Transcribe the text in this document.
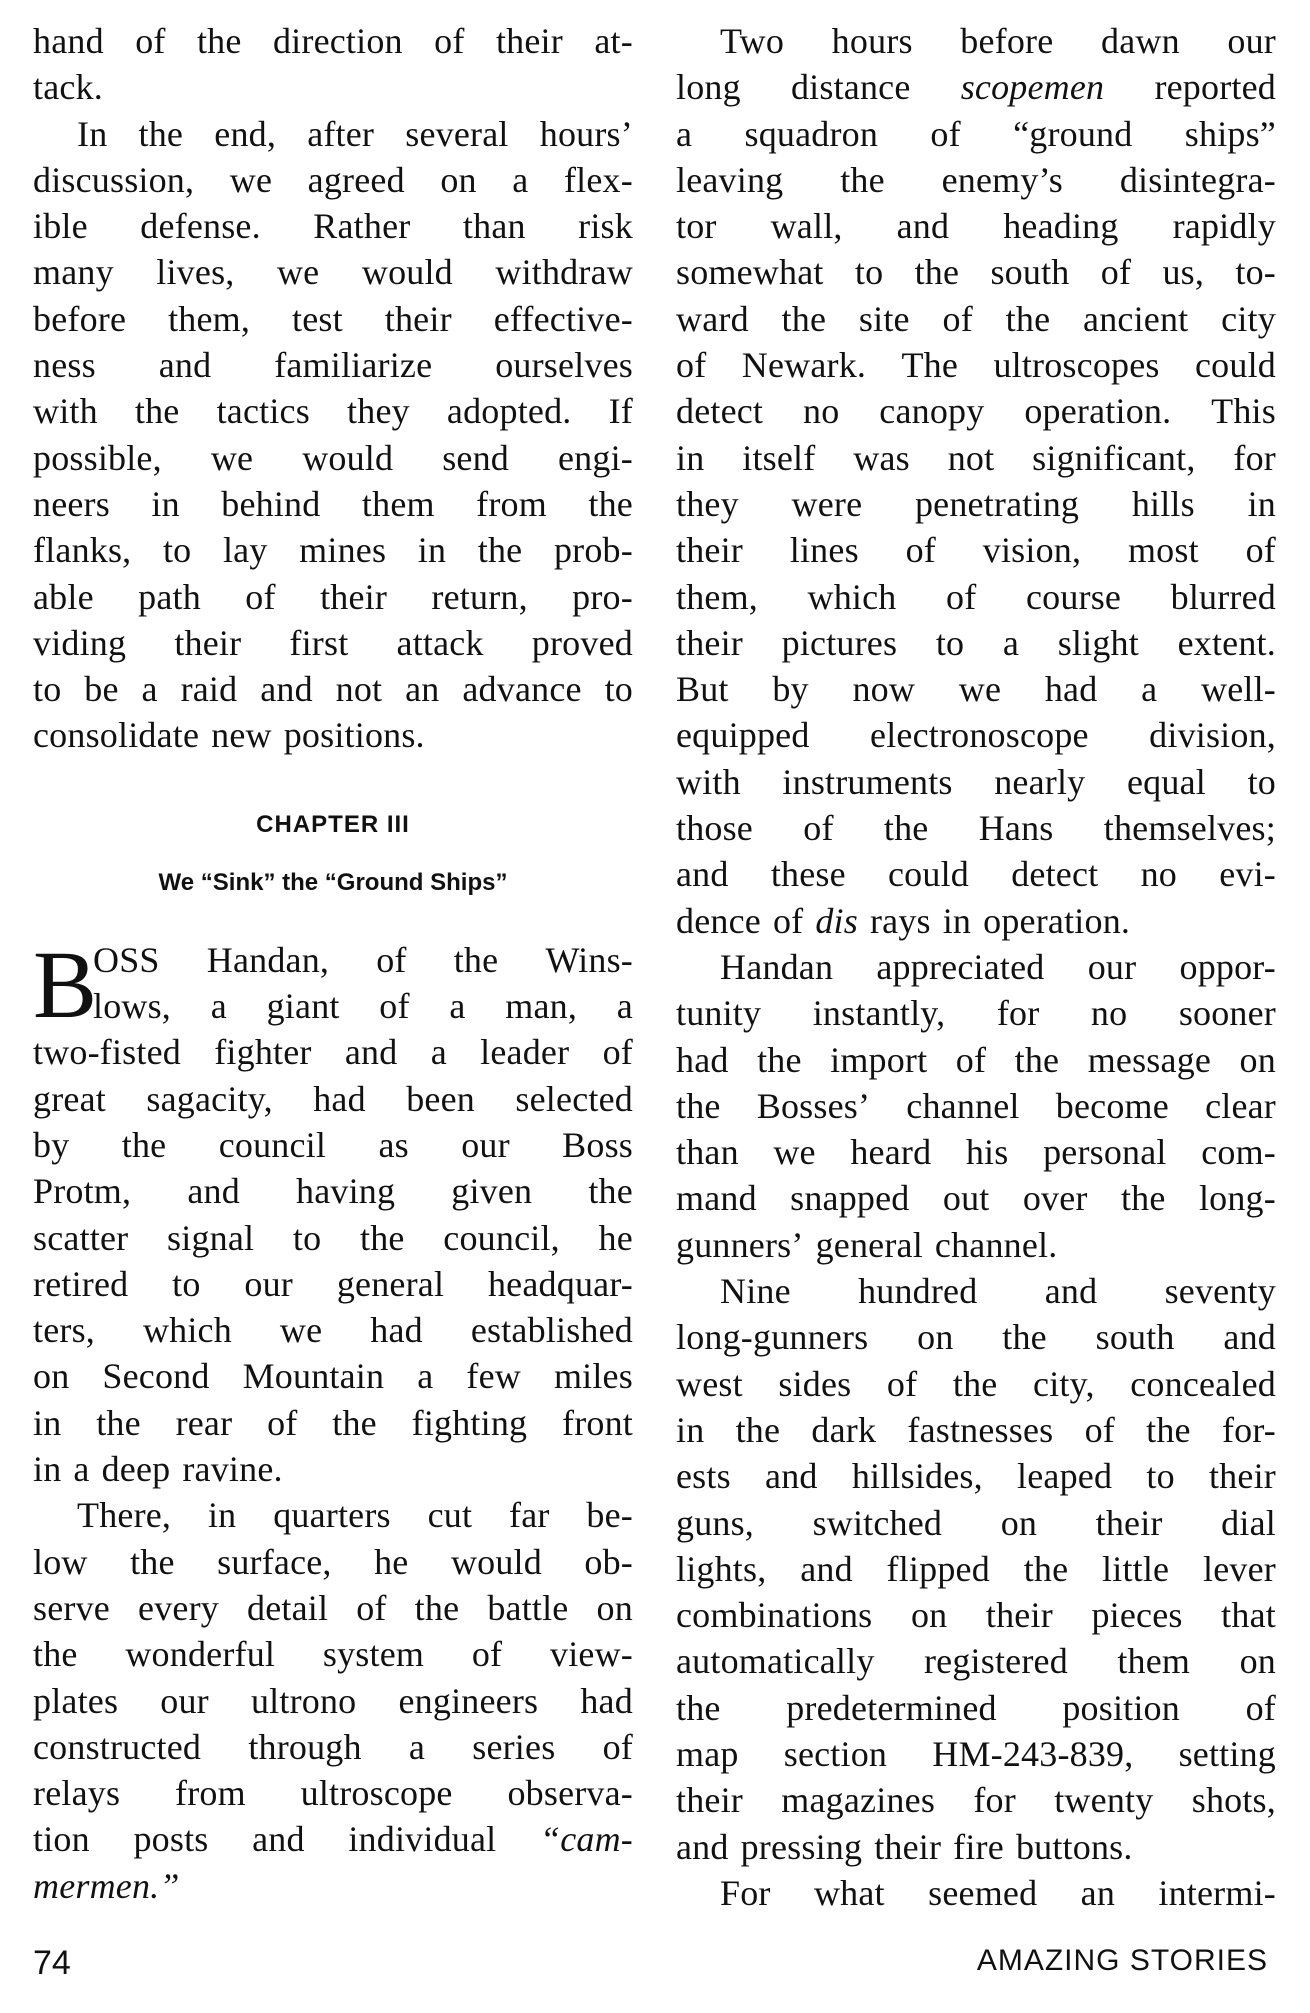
hand of the direction of their at-
tack.
In the end, after several hours’
discussion, we agreed on a flex-
ible defense. Rather than risk
many lives, we would withdraw
before them, test their effective-
ness and familiarize ourselves
with the tactics they adopted. If
possible, we would send engi-
neers in behind them from the
flanks, to lay mines in the prob-
able path of their return, pro-
viding their first attack proved
to be a raid and not an advance to
consolidate new positions.
CHAPTER III
We “Sink” the “Ground Ships”
B
OSS Handan, of the Wins-
lows, a giant of a man, a
two-fisted fighter and a leader of
great sagacity, had been selected
by the council as our Boss
Protm, and having given the
scatter signal to the council, he
retired to our general headquar-
ters, which we had established
on Second Mountain a few miles
in the rear of the fighting front
in a deep ravine.
There, in quarters cut far be-
low the surface, he would ob-
serve every detail of the battle on
the wonderful system of view-
plates our ultrono engineers had
constructed through a series of
relays from ultroscope observa-
tion posts and individual “cam-
mermen.”
Two hours before dawn our
long distance scopemen reported
a squadron of “ground ships”
leaving the enemy’s disintegra-
tor wall, and heading rapidly
somewhat to the south of us, to-
ward the site of the ancient city
of Newark. The ultroscopes could
detect no canopy operation. This
in itself was not significant, for
they were penetrating hills in
their lines of vision, most of
them, which of course blurred
their pictures to a slight extent.
But by now we had a well-
equipped electronoscope division,
with instruments nearly equal to
those of the Hans themselves;
and these could detect no evi-
dence of dis rays in operation.
Handan appreciated our oppor-
tunity instantly, for no sooner
had the import of the message on
the Bosses’ channel become clear
than we heard his personal com-
mand snapped out over the long-
gunners’ general channel.
Nine hundred and seventy
long-gunners on the south and
west sides of the city, concealed
in the dark fastnesses of the for-
ests and hillsides, leaped to their
guns, switched on their dial
lights, and flipped the little lever
combinations on their pieces that
automatically registered them on
the predetermined position of
map section HM-243-839, setting
their magazines for twenty shots,
and pressing their fire buttons.
For what seemed an intermi-
74	AMAZING STORIES
